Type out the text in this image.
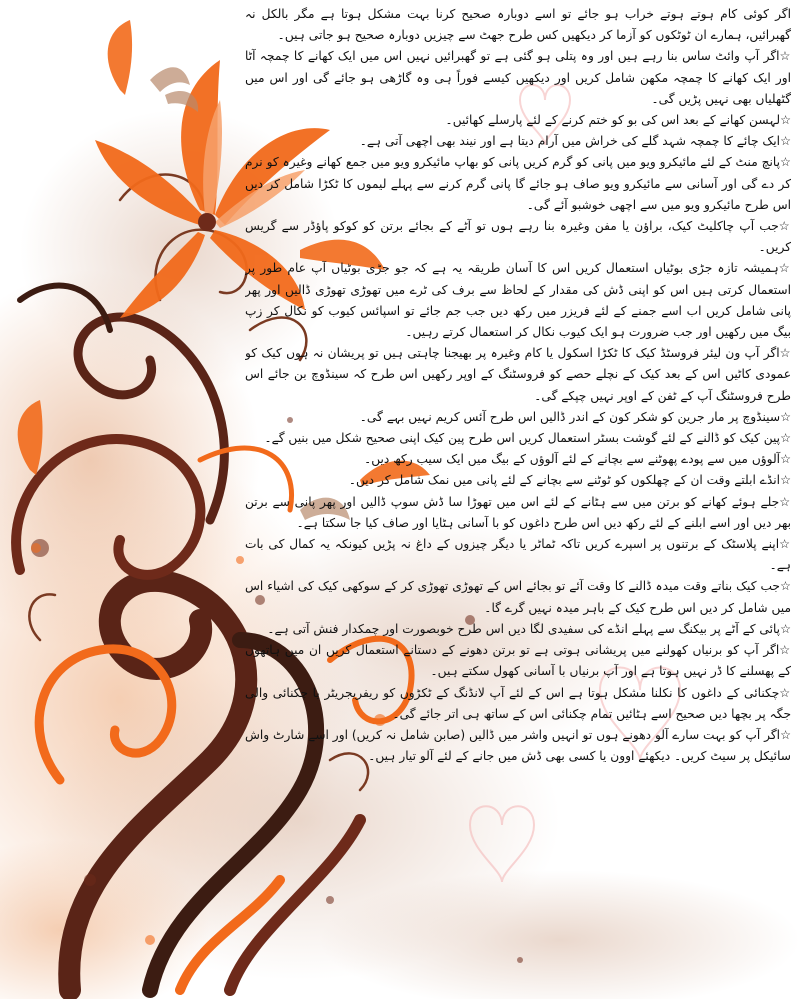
اگر کوئی کام ہوتے ہوتے خراب ہو جائے تو اسے دوبارہ صحیح کرنا بہت مشکل ہوتا ہے مگر بالکل نہ گھبرائیں، ہمارے ان ٹوٹکوں کو آزما کر دیکھیں کس طرح جھٹ سے چیزیں دوبارہ صحیح ہو جاتی ہیں۔

☆ اگر آپ وائٹ ساس بنا رہے ہیں اور وہ پتلی ہو گئی ہے تو گھبرائیں نہیں اس میں ایک کھانے کا چمچہ آٹا اور ایک کھانے کا چمچہ مکھن شامل کریں اور دیکھیں کیسے فوراً ہی وہ گاڑھی ہو جائے گی اور اس میں گٹھلیاں بھی نہیں پڑیں گی۔

☆ لہسن کھانے کے بعد اس کی بو کو ختم کرنے کے لئے پارسلے کھائیں۔

☆ ایک چائے کا چمچہ شہد گلے کی خراش میں آرام دیتا ہے اور نیند بھی اچھی آتی ہے۔

☆ پانچ منٹ کے لئے مائیکرو ویو میں پانی کو گرم کریں پانی کو بھاپ مائیکرو ویو میں جمع کھانے وغیرہ کو نرم کر دے گی اور آسانی سے مائیکرو ویو صاف ہو جائے گا پانی گرم کرنے سے پہلے لیموں کا ٹکڑا شامل کر دیں اس طرح مائیکرو ویو میں سے اچھی خوشبو آئے گی۔

☆ جب آپ چاکلیٹ کیک، براؤن یا مفن وغیرہ بنا رہے ہوں تو آٹے کے بجائے برتن کو کوکو پاؤڈر سے گریس کریں۔

☆ ہمیشہ تازہ جڑی بوٹیاں استعمال کریں اس کا آسان طریقہ یہ ہے کہ جو جڑی بوٹیاں آپ عام طور پر استعمال کرتی ہیں اس کو اپنی ڈش کی مقدار کے لحاظ سے برف کی ٹرے میں تھوڑی تھوڑی ڈالیں اور پھر پانی شامل کریں اب اسے جمنے کے لئے فریزر میں رکھ دیں جب جم جائے تو اسپائس کیوب کو نکال کر زپ بیگ میں رکھیں اور جب ضرورت ہو ایک کیوب نکال کر استعمال کرتے رہیں۔

☆ اگر آپ ون لیئر فروسٹڈ کیک کا ٹکڑا اسکول یا کام وغیرہ پر بھیجنا چاہتی ہیں تو پریشان نہ ہوں کیک کو عمودی کاٹیں اس کے بعد کیک کے نچلے حصے کو فروسٹنگ کے اوپر رکھیں اس طرح کہ سینڈوچ بن جائے اس طرح فروسٹنگ آپ کے ٹفن کے اوپر نہیں چپکے گی۔

☆ سینڈوچ پر مار جرین کو شکر کون کے اندر ڈالیں اس طرح آئس کریم نہیں بہے گی۔

☆ پین کیک کو ڈالنے کے لئے گوشت بسٹر استعمال کریں اس طرح پین کیک اپنی صحیح شکل میں بنیں گے۔

☆ آلوؤں میں سے پودے پھوٹنے سے بچانے کے لئے آلوؤں کے بیگ میں ایک سیب رکھ دیں۔

☆ انڈے ابلتے وقت ان کے چھلکوں کو ٹوٹنے سے بچانے کے لئے پانی میں نمک شامل کر دیں۔

☆ جلے ہوئے کھانے کو برتن میں سے ہٹانے کے لئے اس میں تھوڑا سا ڈش سوپ ڈالیں اور پھر پانی سے برتن بھر دیں اور اسے ابلنے کے لئے رکھ دیں اس طرح داغوں کو با آسانی ہٹایا اور صاف کیا جا سکتا ہے۔

☆ اپنے پلاسٹک کے برتنوں پر اسپرے کریں تاکہ ٹماٹر یا دیگر چیزوں کے داغ نہ پڑیں کیونکہ یہ کمال کی بات ہے۔

☆ جب کیک بناتے وقت میدہ ڈالنے کا وقت آئے تو بجائے اس کے تھوڑی تھوڑی کر کے سوکھی کیک کی اشیاء اس میں شامل کر دیں اس طرح کیک کے باہر میدہ نہیں گرے گا۔

☆ پائی کے آٹے پر بیکنگ سے پہلے انڈے کی سفیدی لگا دیں اس طرح خوبصورت اور چمکدار فنش آتی ہے۔

☆ اگر آپ کو برنیاں کھولنے میں پریشانی ہوتی ہے تو برتن دھونے کے دستانے استعمال کریں ان میں ہاتھوں کے پھسلنے کا ڈر نہیں ہوتا ہے اور آپ برنیاں با آسانی کھول سکتے ہیں۔

☆ چکنائی کے داغوں کا نکلنا مشکل ہوتا ہے اس کے لئے آپ لانڈنگ کے ٹکڑوں کو ریفریجریٹر یا چکنائی والی جگہ پر بچھا دیں صحیح اسے ہٹائیں تمام چکنائی اس کے ساتھ ہی اتر جائے گی۔

☆ اگر آپ کو بہت سارے آلو دھونے ہوں تو انہیں واشر میں ڈالیں (صابن شامل نہ کریں) اور اسے شارٹ واش سائیکل پر سیٹ کریں۔ دیکھئے اوون یا کسی بھی ڈش میں جانے کے لئے آلو تیار ہیں۔
